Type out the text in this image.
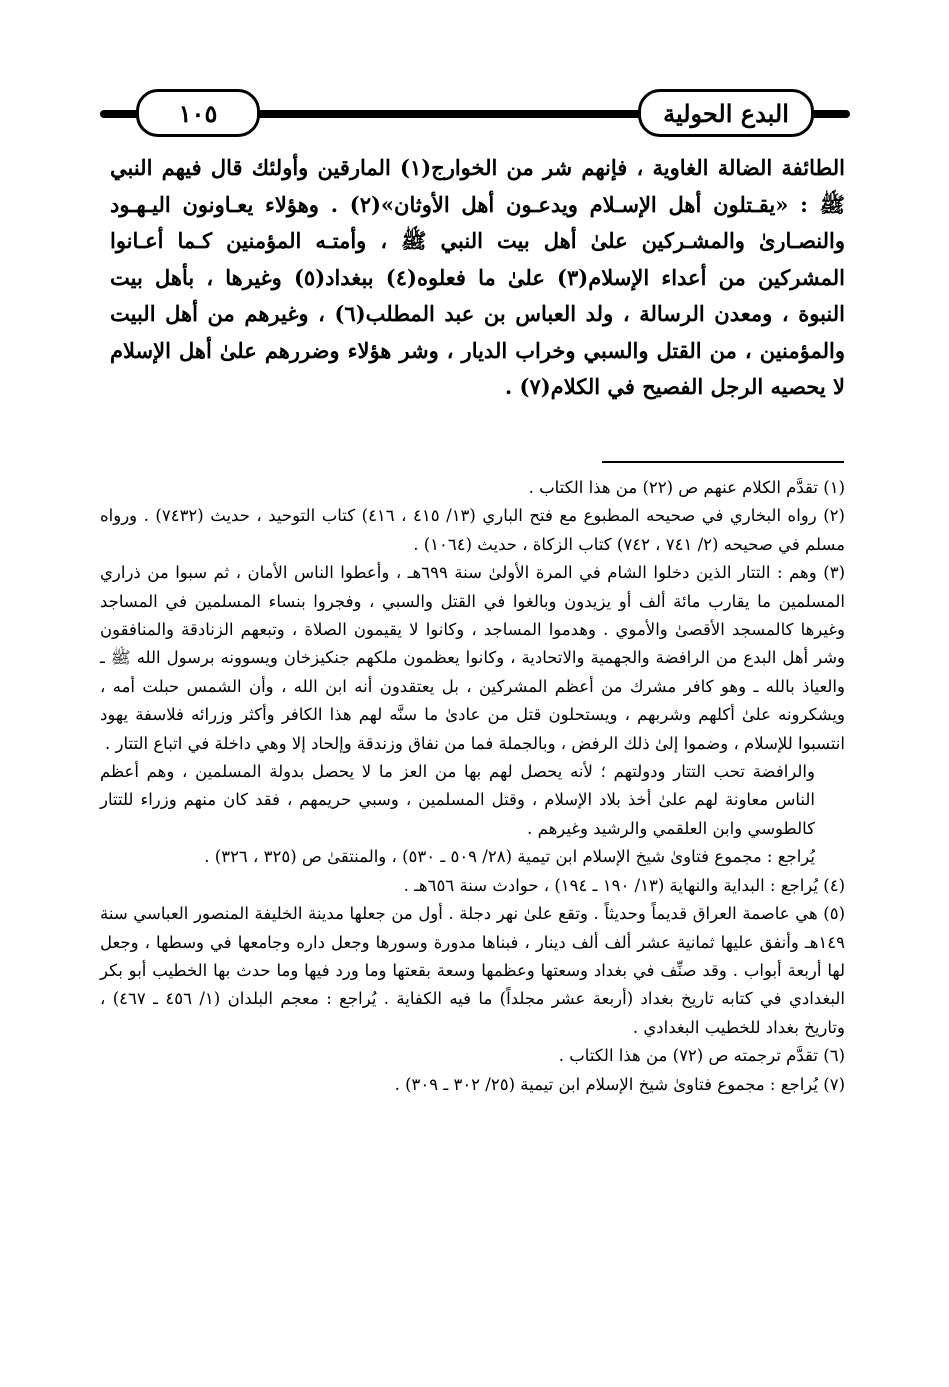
١٠٥	البدع الحولية

الطائفة الضالة الغاوية ، فإنهم شر من الخوارج(١) المارقين وأولئك قال فيهم النبي ﷺ : «يقـتلون أهل الإسـلام ويدعـون أهل الأوثان»(٢) . وهؤلاء يعـاونون اليـهـود والنصـارىٰ والمشـركين علىٰ أهل بيت النبي ﷺ ، وأمتـه المؤمنين كـما أعـانوا المشركين من أعداء الإسلام(٣) علىٰ ما فعلوه(٤) ببغداد(٥) وغيرها ، بأهل بيت النبوة ، ومعدن الرسالة ، ولد العباس بن عبد المطلب(٦) ، وغيرهم من أهل البيت والمؤمنين ، من القتل والسبي وخراب الديار ، وشر هؤلاء وضررهم علىٰ أهل الإسلام لا يحصيه الرجل الفصيح في الكلام(٧) .

(١) تقدَّم الكلام عنهم ص (٢٢) من هذا الكتاب .

(٢) رواه البخاري في صحيحه المطبوع مع فتح الباري (١٣/ ٤١٥ ، ٤١٦) كتاب التوحيد ، حديث (٧٤٣٢) . ورواه مسلم في صحيحه (٢/ ٧٤١ ، ٧٤٢) كتاب الزكاة ، حديث (١٠٦٤) .

(٣) وهم : التتار الذين دخلوا الشام في المرة الأولىٰ سنة ٦٩٩هـ ، وأعطوا الناس الأمان ، ثم سبوا من ذراري المسلمين ما يقارب مائة ألف أو يزيدون وبالغوا في القتل والسبي ، وفجروا بنساء المسلمين في المساجد وغيرها كالمسجد الأقصىٰ والأموي . وهدموا المساجد ، وكانوا لا يقيمون الصلاة ، وتبعهم الزنادقة والمنافقون وشر أهل البدع من الرافضة والجهمية والاتحادية ، وكانوا يعظمون ملكهم جنكيزخان ويسوونه برسول الله ﷺ ـ والعياذ بالله ـ وهو كافر مشرك من أعظم المشركين ، بل يعتقدون أنه ابن الله ، وأن الشمس حبلت أمه ، ويشكرونه علىٰ أكلهم وشربهم ، ويستحلون قتل من عادىٰ ما سنَّه لهم هذا الكافر وأكثر وزرائه فلاسفة يهود انتسبوا للإسلام ، وضموا إلىٰ ذلك الرفض ، وبالجملة فما من نفاق وزندقة وإلحاد إلا وهي داخلة في اتباع التتار .

والرافضة تحب التتار ودولتهم ؛ لأنه يحصل لهم بها من العز ما لا يحصل بدولة المسلمين ، وهم أعظم الناس معاونة لهم علىٰ أخذ بلاد الإسلام ، وقتل المسلمين ، وسبي حريمهم ، فقد كان منهم وزراء للتتار كالطوسي وابن العلقمي والرشيد وغيرهم .

يُراجع : مجموع فتاوىٰ شيخ الإسلام ابن تيمية (٢٨/ ٥٠٩ ـ ٥٣٠) ، والمنتقىٰ ص (٣٢٥ ، ٣٢٦) .

(٤) يُراجع : البداية والنهاية (١٣/ ١٩٠ ـ ١٩٤) ، حوادث سنة ٦٥٦هـ .

(٥) هي عاصمة العراق قديماً وحديثاً . وتقع علىٰ نهر دجلة . أول من جعلها مدينة الخليفة المنصور العباسي سنة ١٤٩هـ وأنفق عليها ثمانية عشر ألف ألف دينار ، فبناها مدورة وسورها وجعل داره وجامعها في وسطها ، وجعل لها أربعة أبواب . وقد صنِّف في بغداد وسعتها وعظمها وسعة بقعتها وما ورد فيها وما حدث بها الخطيب أبو بكر البغدادي في كتابه تاريخ بغداد (أربعة عشر مجلداً) ما فيه الكفاية . يُراجع : معجم البلدان (١/ ٤٥٦ ـ ٤٦٧) ، وتاريخ بغداد للخطيب البغدادي .

(٦) تقدَّم ترجمته ص (٧٢) من هذا الكتاب .

(٧) يُراجع : مجموع فتاوىٰ شيخ الإسلام ابن تيمية (٢٥/ ٣٠٢ ـ ٣٠٩) .
